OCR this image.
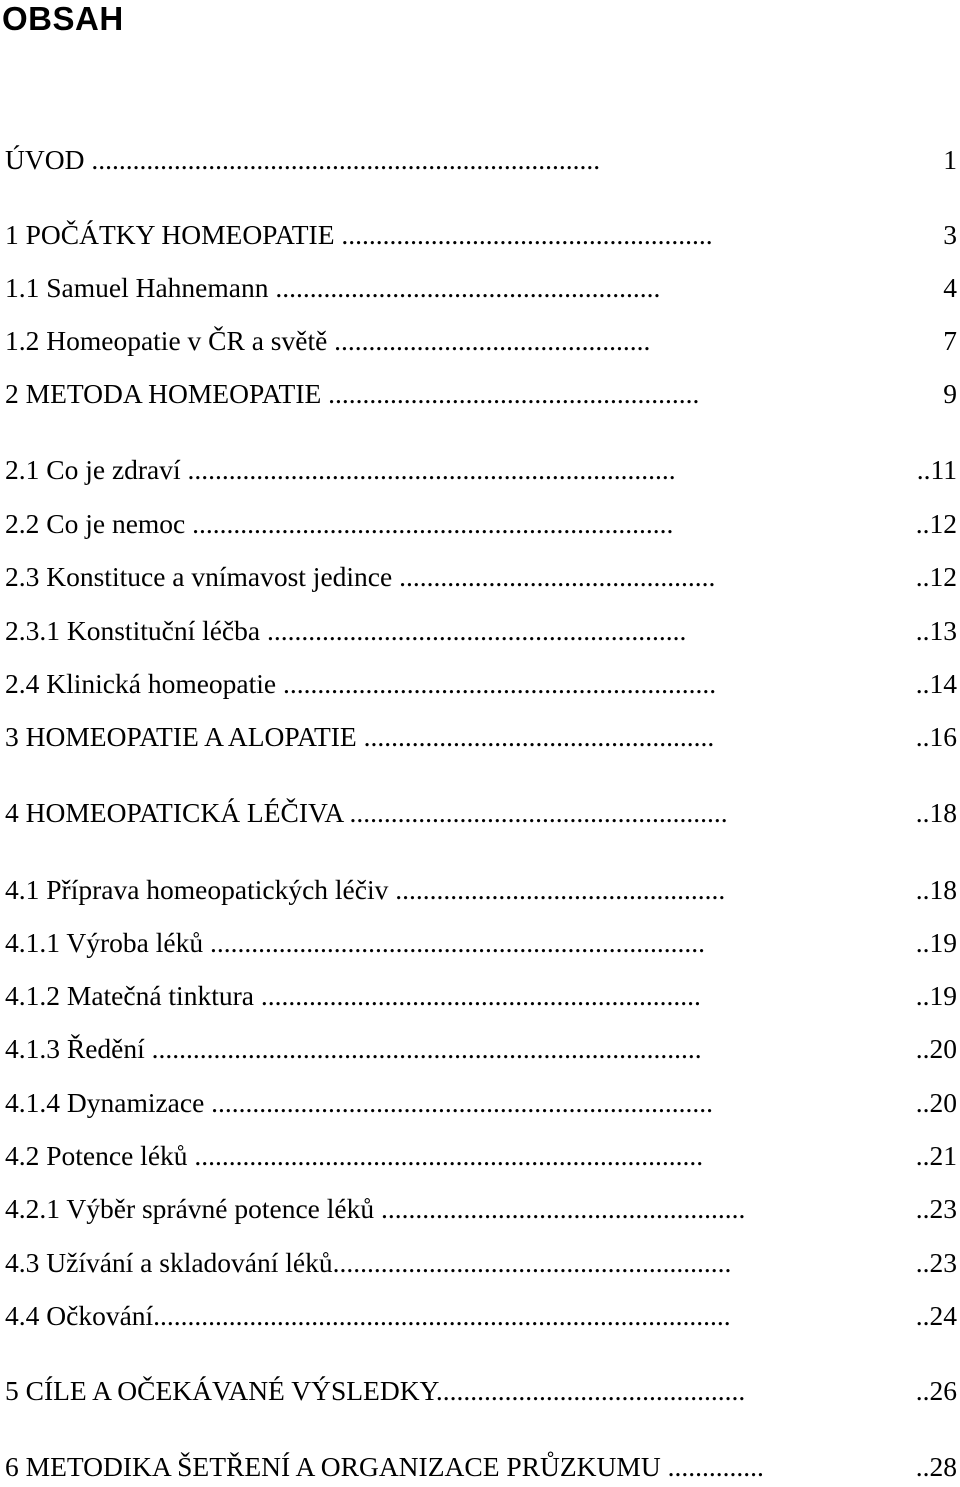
OBSAH
ÚVOD ..........................................................................	1
1 POČÁTKY HOMEOPATIE ......................................................	3
1.1 Samuel Hahnemann ........................................................	4
1.2 Homeopatie v ČR a světě ..............................................	7
2 METODA HOMEOPATIE ......................................................	9
2.1 Co je zdraví .......................................................................	..11
2.2 Co je nemoc ......................................................................	..12
2.3 Konstituce a vnímavost jedince ..............................................	..12
2.3.1 Konstituční léčba .............................................................	..13
2.4 Klinická homeopatie ...............................................................	..14
3 HOMEOPATIE A ALOPATIE ...................................................	..16
4 HOMEOPATICKÁ LÉČIVA .......................................................	..18
4.1 Příprava homeopatických léčiv ................................................	..18
4.1.1 Výroba léků ........................................................................	..19
4.1.2 Matečná tinktura ................................................................	..19
4.1.3 Ředění ................................................................................	..20
4.1.4 Dynamizace .........................................................................	..20
4.2 Potence léků ..........................................................................	..21
4.2.1 Výběr správné potence léků .....................................................	..23
4.3 Užívání a skladování léků..........................................................	..23
4.4 Očkování....................................................................................	..24
5 CÍLE A OČEKÁVANÉ VÝSLEDKY.............................................	..26
6 METODIKA ŠETŘENÍ A ORGANIZACE PRŮZKUMU ..............	..28
